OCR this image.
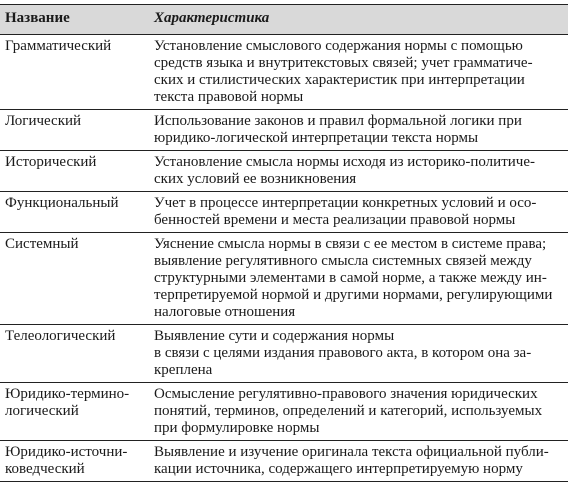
Название	Характеристика

Грамматический	Установление смыслового содержания нормы с помощью
средств языка и внутритекстовых связей; учет грамматиче-
ских и стилистических характеристик при интерпретации
текста правовой нормы

Логический	Использование законов и правил формальной логики при
юридико-логической интерпретации текста нормы

Исторический	Установление смысла нормы исходя из историко-политиче-
ских условий ее возникновения

Функциональный	Учет в процессе интерпретации конкретных условий и осо-
бенностей времени и места реализации правовой нормы

Системный	Уяснение смысла нормы в связи с ее местом в системе права;
выявление регулятивного смысла системных связей между
структурными элементами в самой норме, а также между ин-
терпретируемой нормой и другими нормами, регулирующими
налоговые отношения

Телеологический	Выявление сути и содержания нормы
в связи с целями издания правового акта, в котором она за-
креплена

Юридико-термино-
логический	Осмысление регулятивно-правового значения юридических
понятий, терминов, определений и категорий, используемых
при формулировке нормы

Юридико-источни-
коведческий	Выявление и изучение оригинала текста официальной публи-
кации источника, содержащего интерпретируемую норму
